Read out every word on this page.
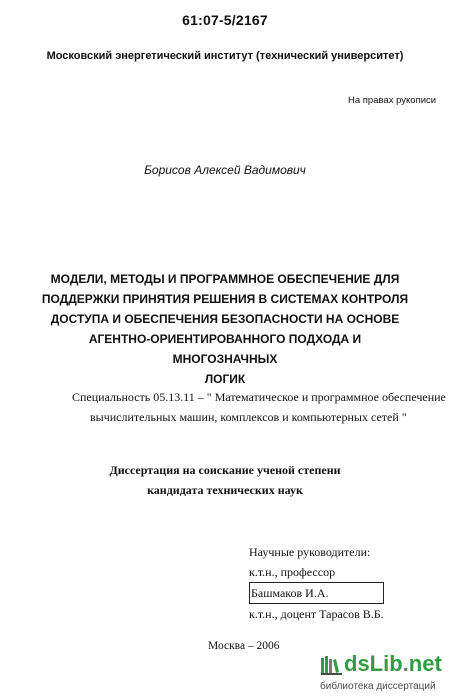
61:07-5/2167
Московский энергетический институт (технический университет)
На правах рукописи
Борисов Алексей Вадимович
МОДЕЛИ, МЕТОДЫ И ПРОГРАММНОЕ ОБЕСПЕЧЕНИЕ ДЛЯ
ПОДДЕРЖКИ ПРИНЯТИЯ РЕШЕНИЯ В СИСТЕМАХ КОНТРОЛЯ
ДОСТУПА И ОБЕСПЕЧЕНИЯ БЕЗОПАСНОСТИ НА ОСНОВЕ
АГЕНТНО-ОРИЕНТИРОВАННОГО ПОДХОДА И МНОГОЗНАЧНЫХ
ЛОГИК
Специальность 05.13.11 – " Математическое и программное обеспечение
вычислительных машин, комплексов и компьютерных сетей "
Диссертация на соискание ученой степени
кандидата технических наук
Научные руководители:
к.т.н., профессор
Башмаков И.А.
к.т.н., доцент Тарасов В.Б.
Москва – 2006
dsLib.net
библиотека диссертаций
